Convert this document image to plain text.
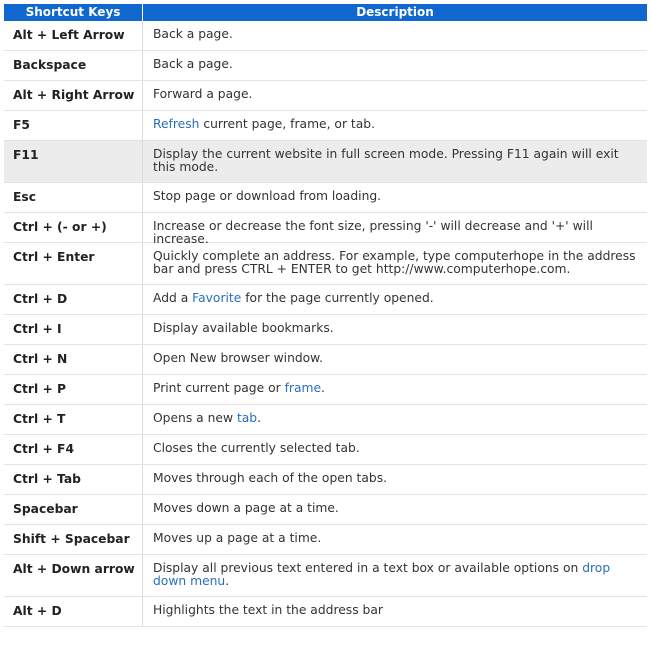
Shortcut Keys	Description
Alt + Left Arrow	Back a page.
Backspace	Back a page.
Alt + Right Arrow	Forward a page.
F5	Refresh current page, frame, or tab.
F11	Display the current website in full screen mode. Pressing F11 again will exit this mode.
Esc	Stop page or download from loading.
Ctrl + (- or +)	Increase or decrease the font size, pressing '-' will decrease and '+' will increase.
Ctrl + Enter	Quickly complete an address. For example, type computerhope in the address bar and press CTRL + ENTER to get http://www.computerhope.com.
Ctrl + D	Add a Favorite for the page currently opened.
Ctrl + I	Display available bookmarks.
Ctrl + N	Open New browser window.
Ctrl + P	Print current page or frame.
Ctrl + T	Opens a new tab.
Ctrl + F4	Closes the currently selected tab.
Ctrl + Tab	Moves through each of the open tabs.
Spacebar	Moves down a page at a time.
Shift + Spacebar	Moves up a page at a time.
Alt + Down arrow	Display all previous text entered in a text box or available options on drop down menu.
Alt + D	Highlights the text in the address bar
